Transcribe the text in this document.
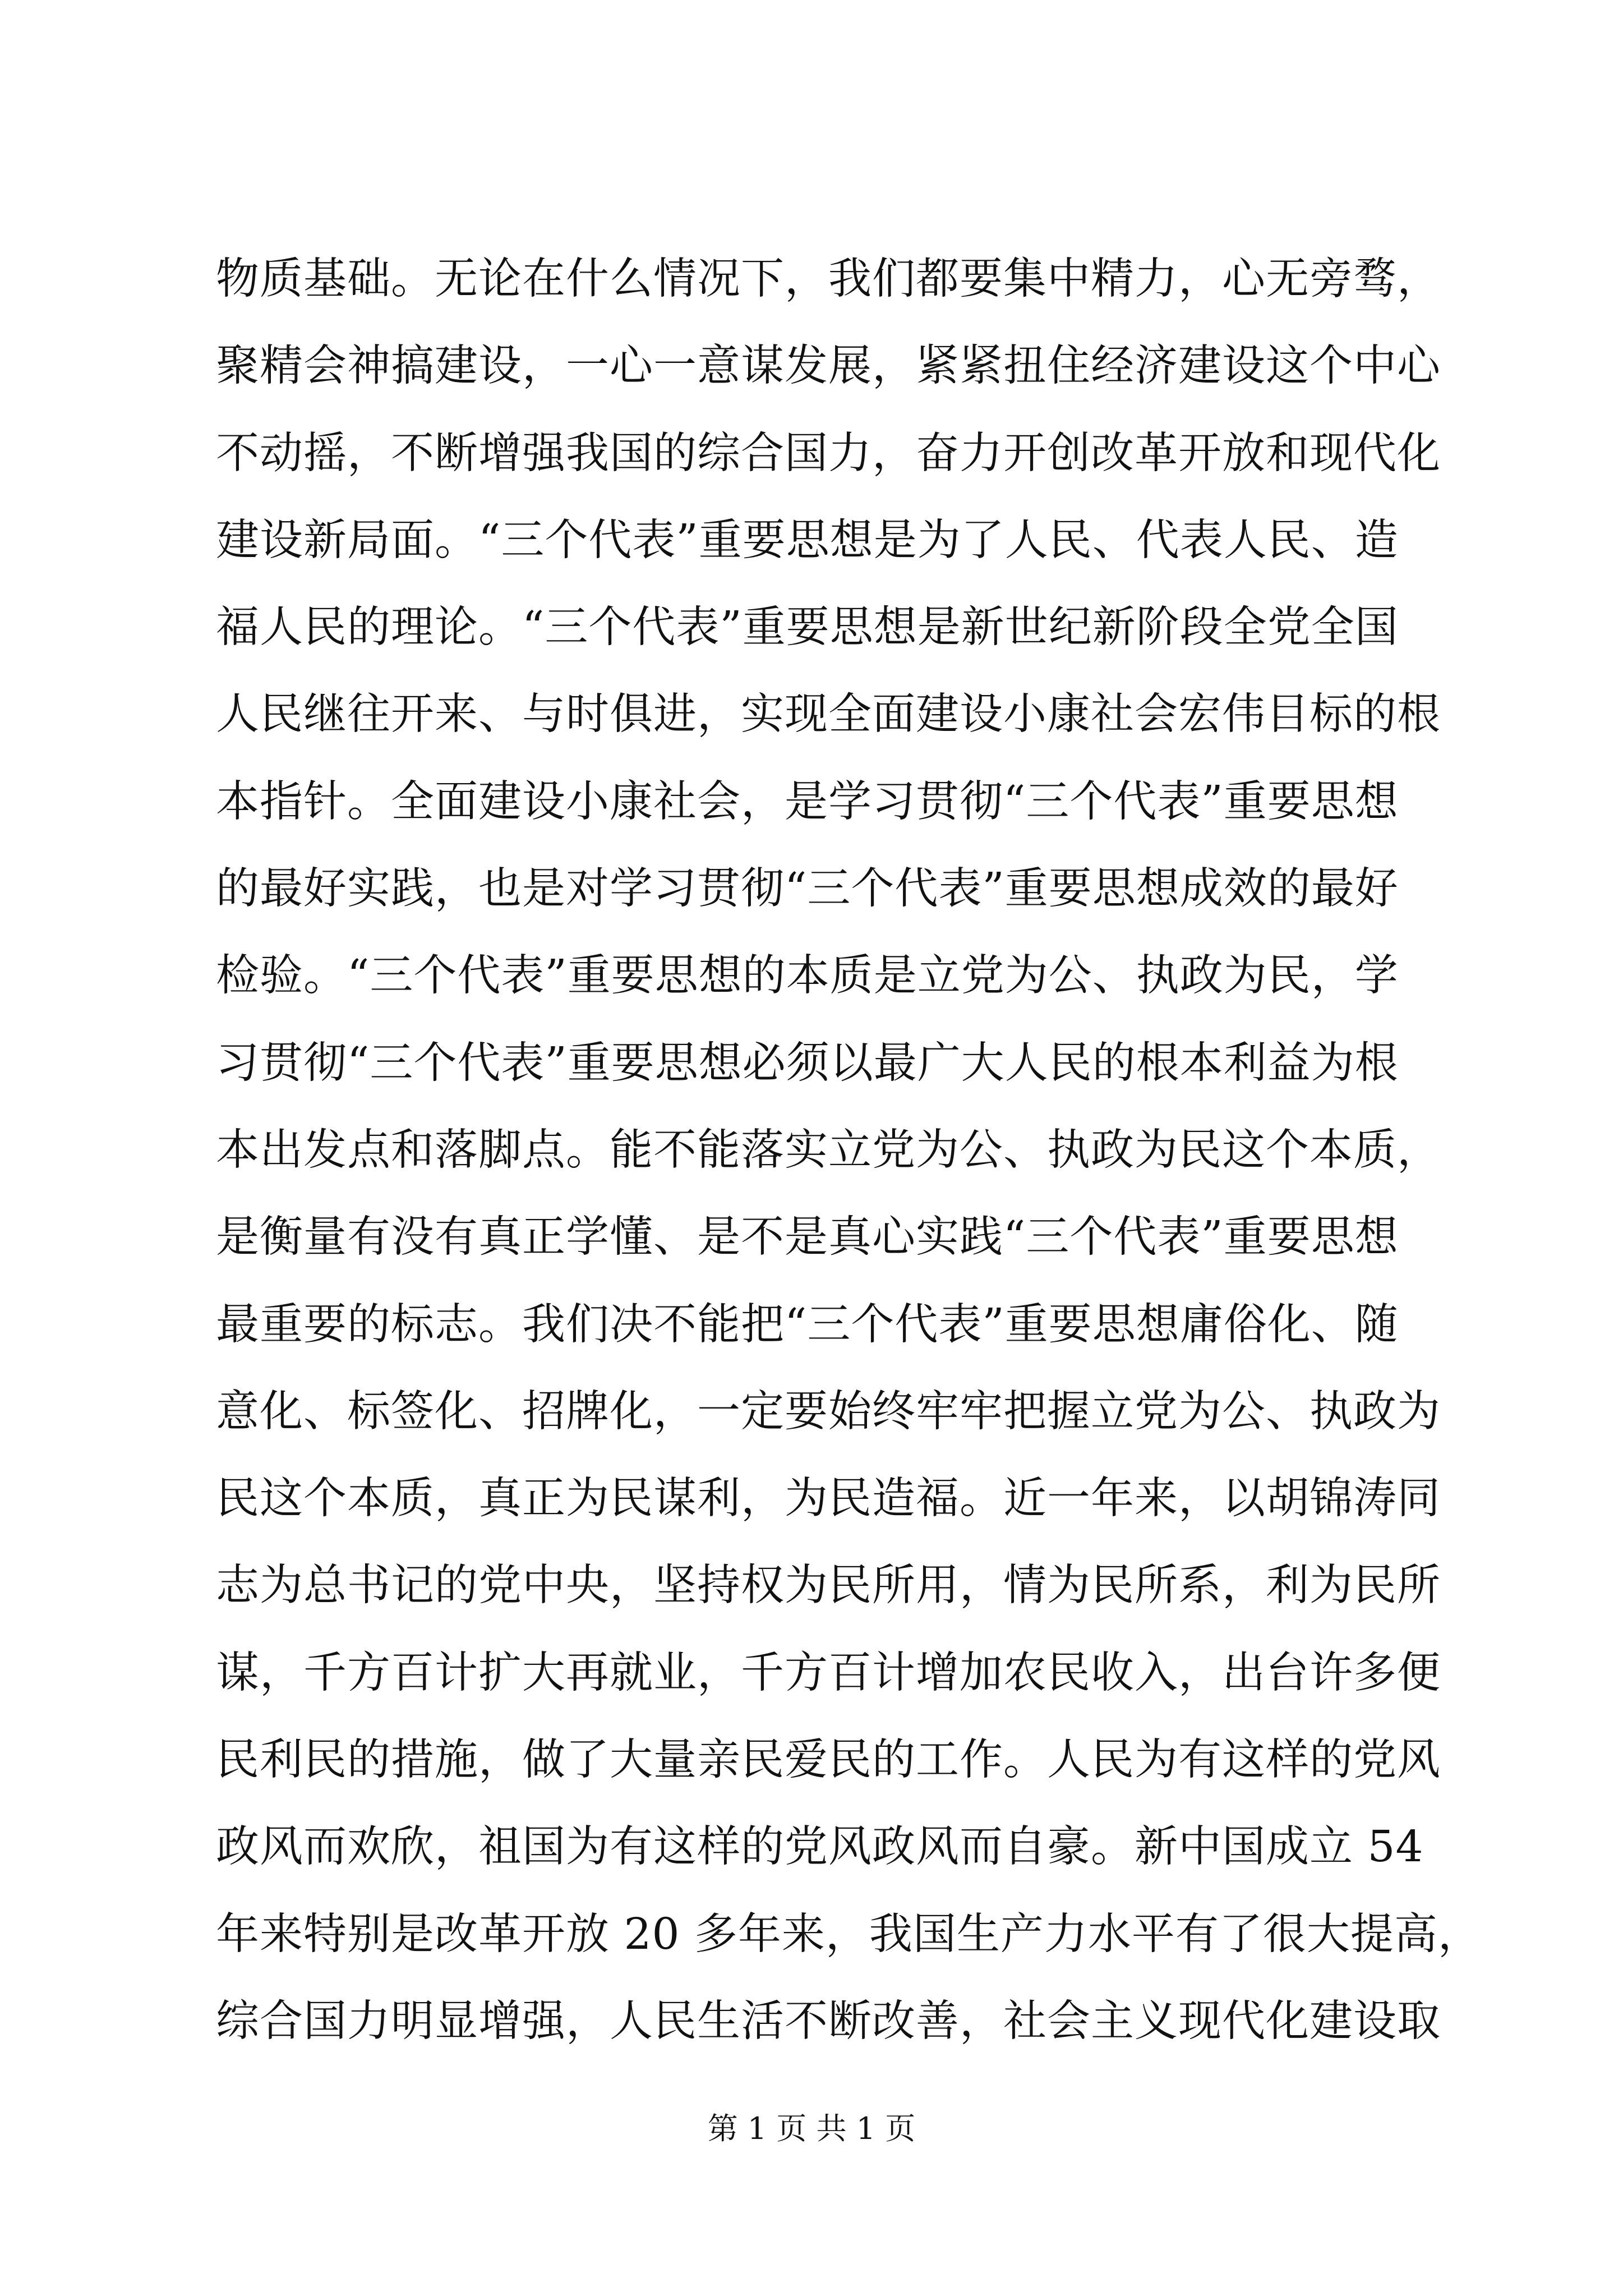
物质基础。无论在什么情况下，我们都要集中精力，心无旁骛，
聚精会神搞建设，一心一意谋发展，紧紧扭住经济建设这个中心
不动摇，不断增强我国的综合国力，奋力开创改革开放和现代化
建设新局面。“三个代表”重要思想是为了人民、代表人民、造
福人民的理论。“三个代表”重要思想是新世纪新阶段全党全国
人民继往开来、与时俱进，实现全面建设小康社会宏伟目标的根
本指针。全面建设小康社会，是学习贯彻“三个代表”重要思想
的最好实践，也是对学习贯彻“三个代表”重要思想成效的最好
检验。“三个代表”重要思想的本质是立党为公、执政为民，学
习贯彻“三个代表”重要思想必须以最广大人民的根本利益为根
本出发点和落脚点。能不能落实立党为公、执政为民这个本质，
是衡量有没有真正学懂、是不是真心实践“三个代表”重要思想
最重要的标志。我们决不能把“三个代表”重要思想庸俗化、随
意化、标签化、招牌化，一定要始终牢牢把握立党为公、执政为
民这个本质，真正为民谋利，为民造福。近一年来，以胡锦涛同
志为总书记的党中央，坚持权为民所用，情为民所系，利为民所
谋，千方百计扩大再就业，千方百计增加农民收入，出台许多便
民利民的措施，做了大量亲民爱民的工作。人民为有这样的党风
政风而欢欣，祖国为有这样的党风政风而自豪。新中国成立 54
年来特别是改革开放 20 多年来，我国生产力水平有了很大提高，
综合国力明显增强，人民生活不断改善，社会主义现代化建设取
第 1 页 共 1 页
